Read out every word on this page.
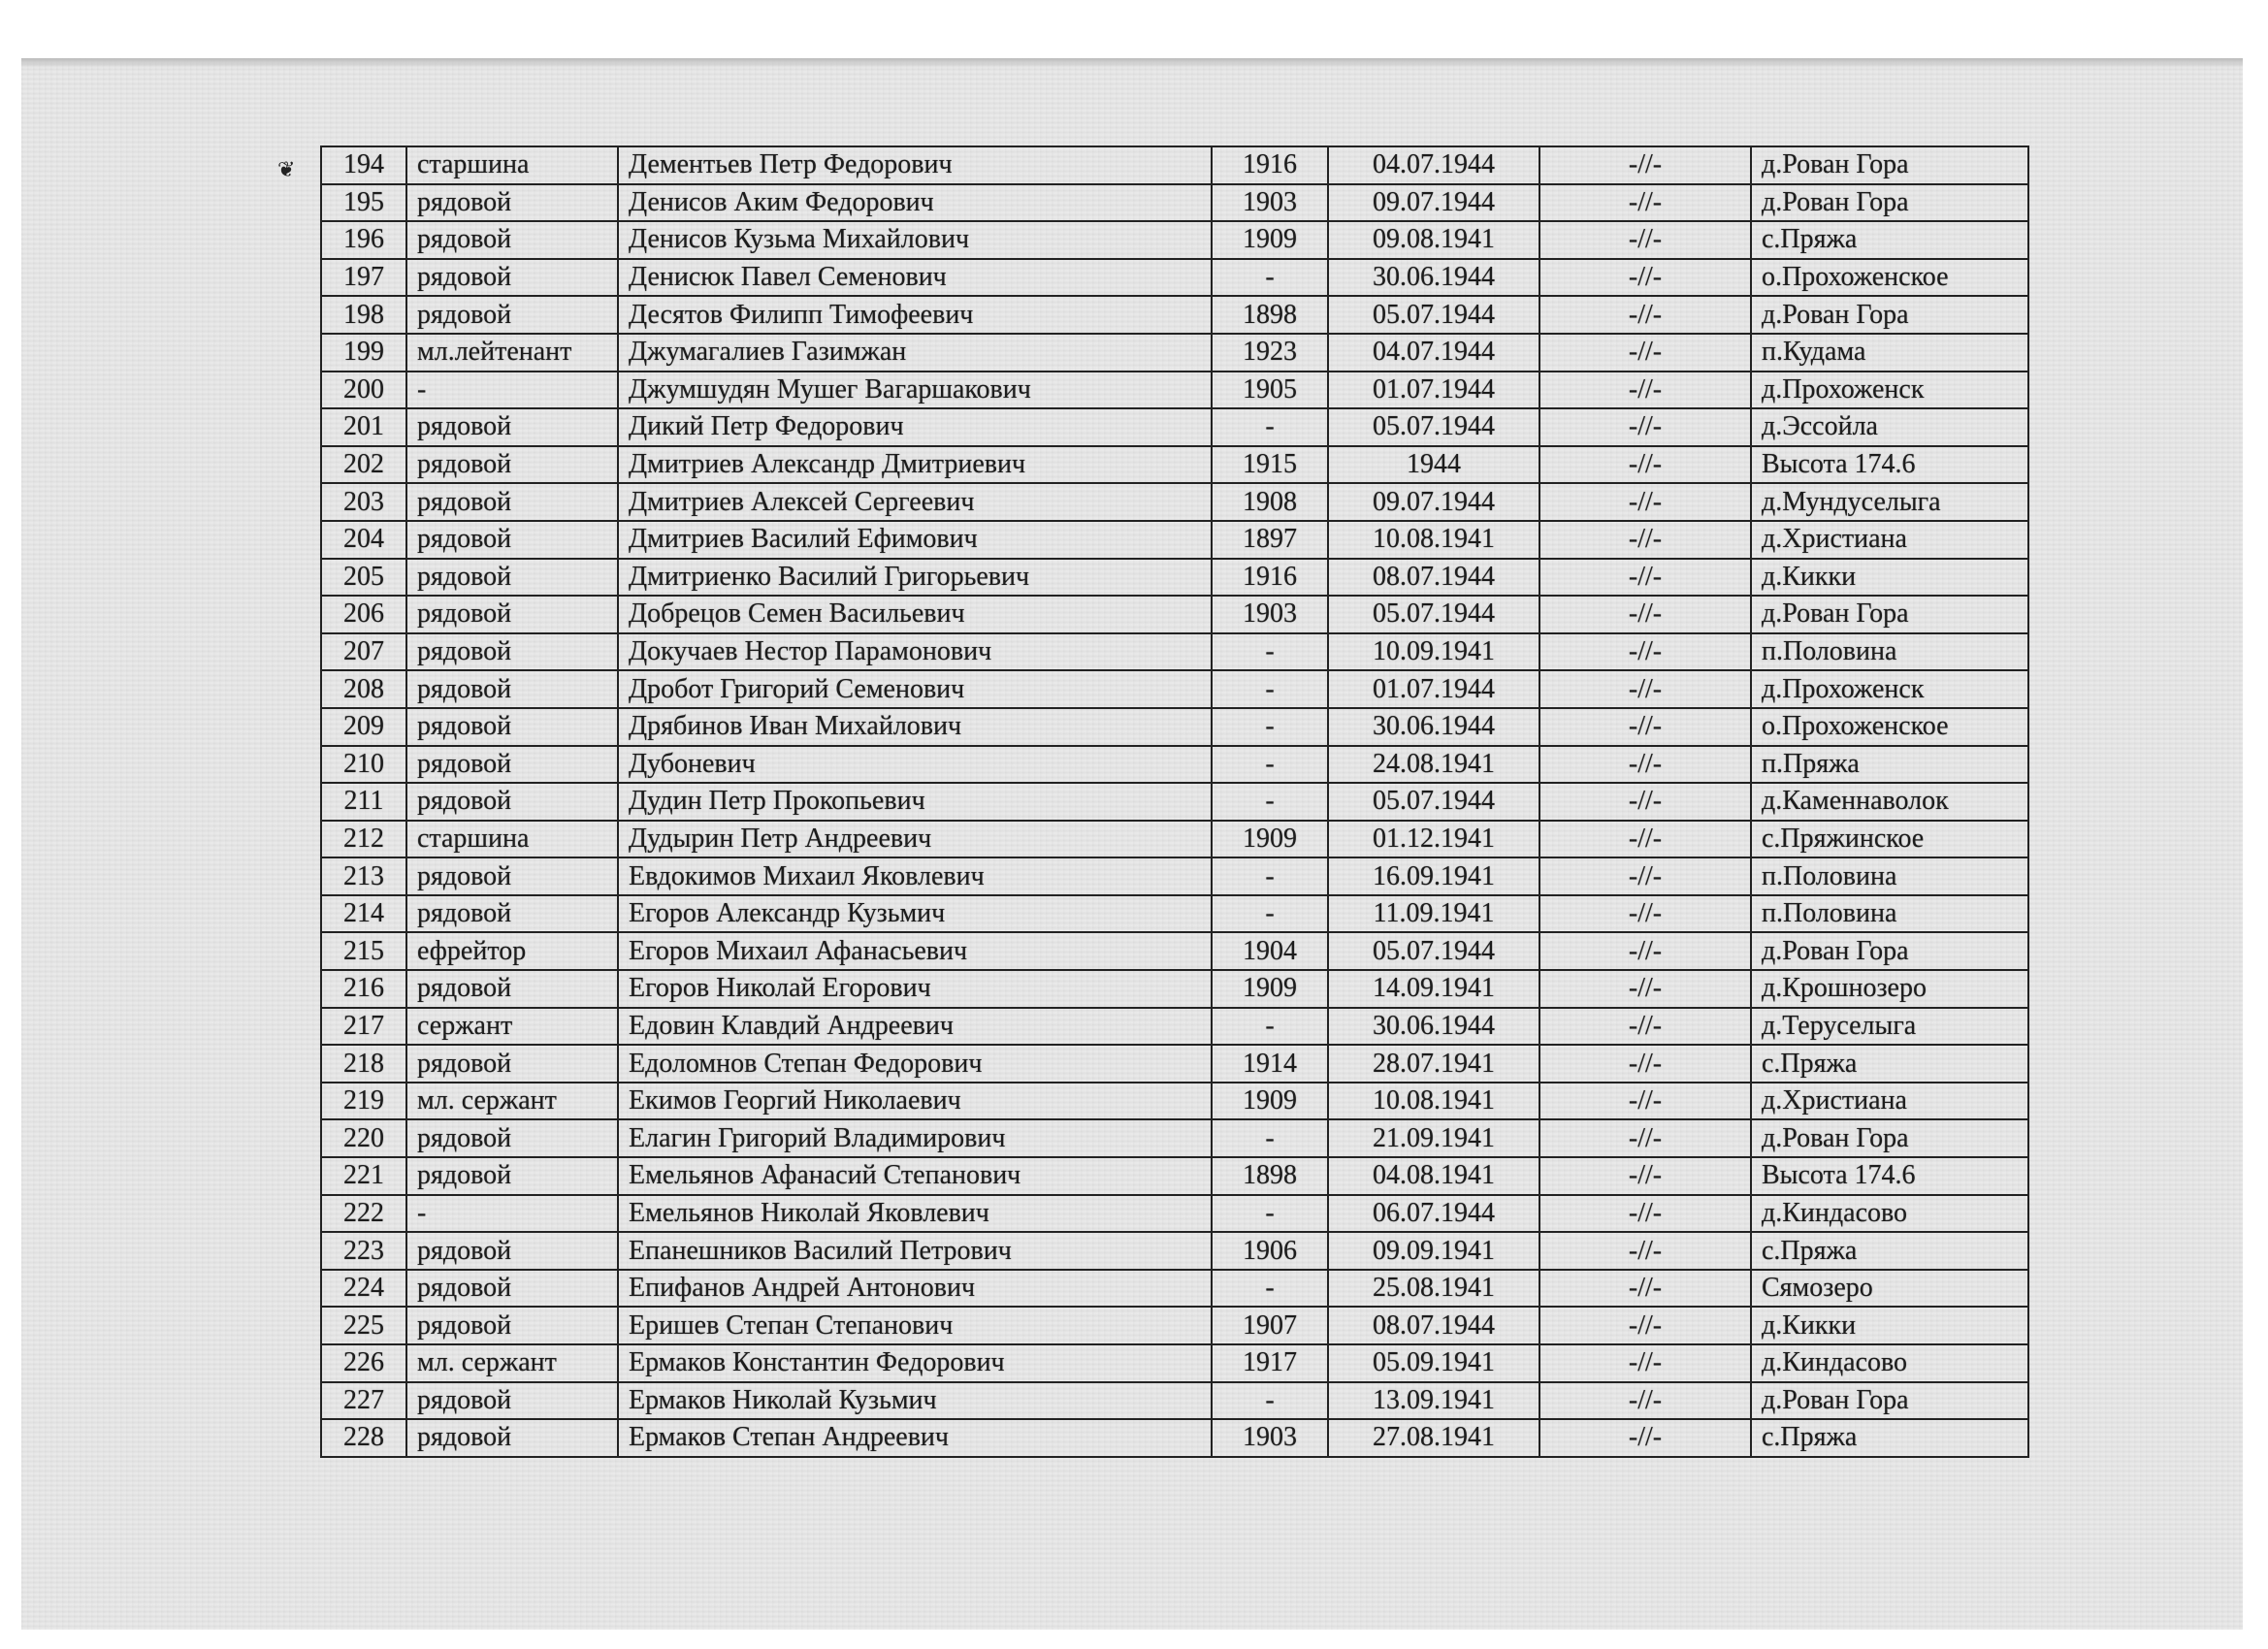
❦ 194	старшина	Дементьев Петр Федорович	1916	04.07.1944	-//-	д.Рован Гора
195	рядовой	Денисов Аким Федорович	1903	09.07.1944	-//-	д.Рован Гора
196	рядовой	Денисов Кузьма Михайлович	1909	09.08.1941	-//-	с.Пряжа
197	рядовой	Денисюк Павел Семенович	-	30.06.1944	-//-	о.Прохоженское
198	рядовой	Десятов Филипп Тимофеевич	1898	05.07.1944	-//-	д.Рован Гора
199	мл.лейтенант	Джумагалиев Газимжан	1923	04.07.1944	-//-	п.Кудама
200	-	Джумшудян Мушег Вагаршакович	1905	01.07.1944	-//-	д.Прохоженск
201	рядовой	Дикий Петр Федорович	-	05.07.1944	-//-	д.Эссойла
202	рядовой	Дмитриев Александр Дмитриевич	1915	1944	-//-	Высота 174.6
203	рядовой	Дмитриев Алексей Сергеевич	1908	09.07.1944	-//-	д.Мундуселыга
204	рядовой	Дмитриев Василий Ефимович	1897	10.08.1941	-//-	д.Христиана
205	рядовой	Дмитриенко Василий Григорьевич	1916	08.07.1944	-//-	д.Кикки
206	рядовой	Добрецов Семен Васильевич	1903	05.07.1944	-//-	д.Рован Гора
207	рядовой	Докучаев Нестор Парамонович	-	10.09.1941	-//-	п.Половина
208	рядовой	Дробот Григорий Семенович	-	01.07.1944	-//-	д.Прохоженск
209	рядовой	Дрябинов Иван Михайлович	-	30.06.1944	-//-	о.Прохоженское
210	рядовой	Дубоневич	-	24.08.1941	-//-	п.Пряжа
211	рядовой	Дудин Петр Прокопьевич	-	05.07.1944	-//-	д.Каменнаволок
212	старшина	Дудырин Петр Андреевич	1909	01.12.1941	-//-	с.Пряжинское
213	рядовой	Евдокимов Михаил Яковлевич	-	16.09.1941	-//-	п.Половина
214	рядовой	Егоров Александр Кузьмич	-	11.09.1941	-//-	п.Половина
215	ефрейтор	Егоров Михаил Афанасьевич	1904	05.07.1944	-//-	д.Рован Гора
216	рядовой	Егоров Николай Егорович	1909	14.09.1941	-//-	д.Крошнозеро
217	сержант	Едовин Клавдий Андреевич	-	30.06.1944	-//-	д.Теруселыга
218	рядовой	Едоломнов Степан Федорович	1914	28.07.1941	-//-	с.Пряжа
219	мл. сержант	Екимов Георгий Николаевич	1909	10.08.1941	-//-	д.Христиана
220	рядовой	Елагин Григорий Владимирович	-	21.09.1941	-//-	д.Рован Гора
221	рядовой	Емельянов Афанасий Степанович	1898	04.08.1941	-//-	Высота 174.6
222	-	Емельянов Николай Яковлевич	-	06.07.1944	-//-	д.Киндасово
223	рядовой	Епанешников Василий Петрович	1906	09.09.1941	-//-	с.Пряжа
224	рядовой	Епифанов Андрей Антонович	-	25.08.1941	-//-	Сямозеро
225	рядовой	Еришев Степан Степанович	1907	08.07.1944	-//-	д.Кикки
226	мл. сержант	Ермаков Константин Федорович	1917	05.09.1941	-//-	д.Киндасово
227	рядовой	Ермаков Николай Кузьмич	-	13.09.1941	-//-	д.Рован Гора
228	рядовой	Ермаков Степан Андреевич	1903	27.08.1941	-//-	с.Пряжа
